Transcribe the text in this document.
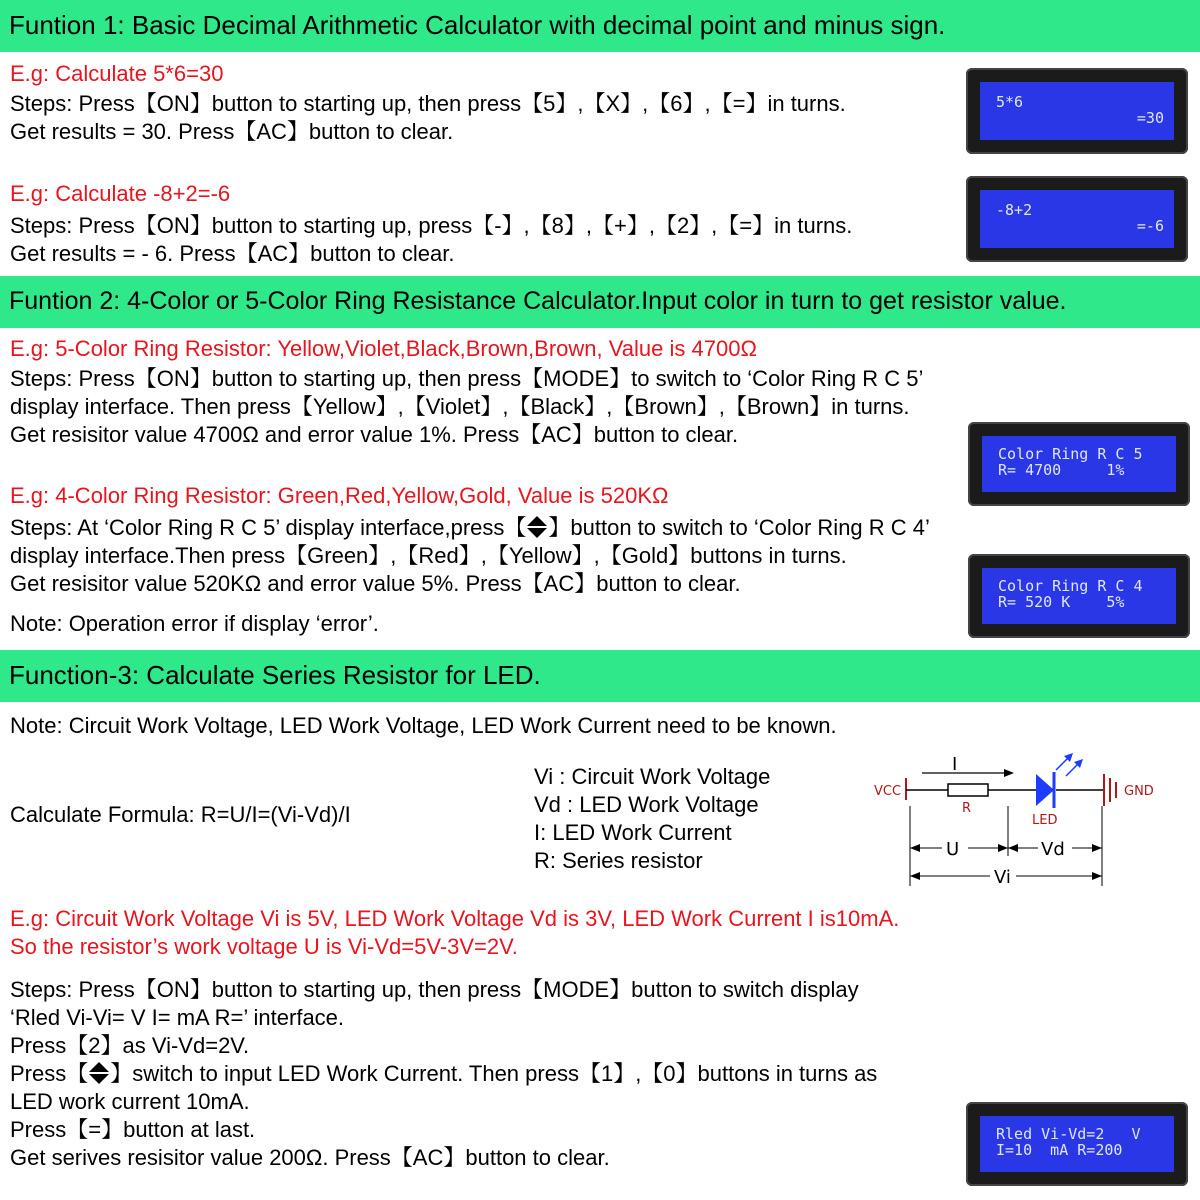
Funtion 1: Basic Decimal Arithmetic Calculator with decimal point and minus sign.
E.g: Calculate 5*6=30
Steps: Press【ON】button to starting up, then press【5】,【X】,【6】,【=】in turns.
Get results = 30. Press【AC】button to clear.
5*6
=30
E.g: Calculate -8+2=-6
Steps: Press【ON】button to starting up, press【-】,【8】,【+】,【2】,【=】in turns.
Get results = - 6. Press【AC】button to clear.
-8+2
=-6
Funtion 2: 4-Color or 5-Color Ring Resistance Calculator.Input color in turn to get resistor value.
E.g: 5-Color Ring Resistor: Yellow,Violet,Black,Brown,Brown, Value is 4700Ω
Steps: Press【ON】button to starting up, then press【MODE】to switch to ‘Color Ring R C 5’
display interface. Then press【Yellow】,【Violet】,【Black】,【Brown】,【Brown】in turns.
Get resisitor value 4700Ω and error value 1%. Press【AC】button to clear.
Color Ring R C 5
R= 4700     1%
E.g: 4-Color Ring Resistor: Green,Red,Yellow,Gold, Value is 520KΩ
Steps: At ‘Color Ring R C 5’ display interface,press【 】button to switch to ‘Color Ring R C 4’
display interface.Then press【Green】,【Red】,【Yellow】,【Gold】buttons in turns.
Get resisitor value 520KΩ and error value 5%. Press【AC】button to clear.	Color Ring R C 4
R= 520 K    5%
Note: Operation error if display ‘error’.
Function-3: Calculate Series Resistor for LED.
Note: Circuit Work Voltage, LED Work Voltage, LED Work Current need to be known.
Calculate Formula: R=U/I=(Vi-Vd)/I
Vi : Circuit Work Voltage
Vd : LED Work Voltage
I: LED Work Current
R: Series resistor
VCC
R
I
LED
GND
U	Vd
Vi
E.g: Circuit Work Voltage Vi is 5V, LED Work Voltage Vd is 3V, LED Work Current I is10mA.
So the resistor’s work voltage U is Vi-Vd=5V-3V=2V.
Steps: Press【ON】button to starting up, then press【MODE】button to switch display
‘Rled Vi-Vi= V I= mA R=’ interface.
Press【2】as Vi-Vd=2V.
Press【 】switch to input LED Work Current. Then press【1】,【0】buttons in turns as
LED work current 10mA.
Press【=】button at last.
Get serives resisitor value 200Ω. Press【AC】button to clear.
Rled Vi-Vd=2   V
I=10  mA R=200
